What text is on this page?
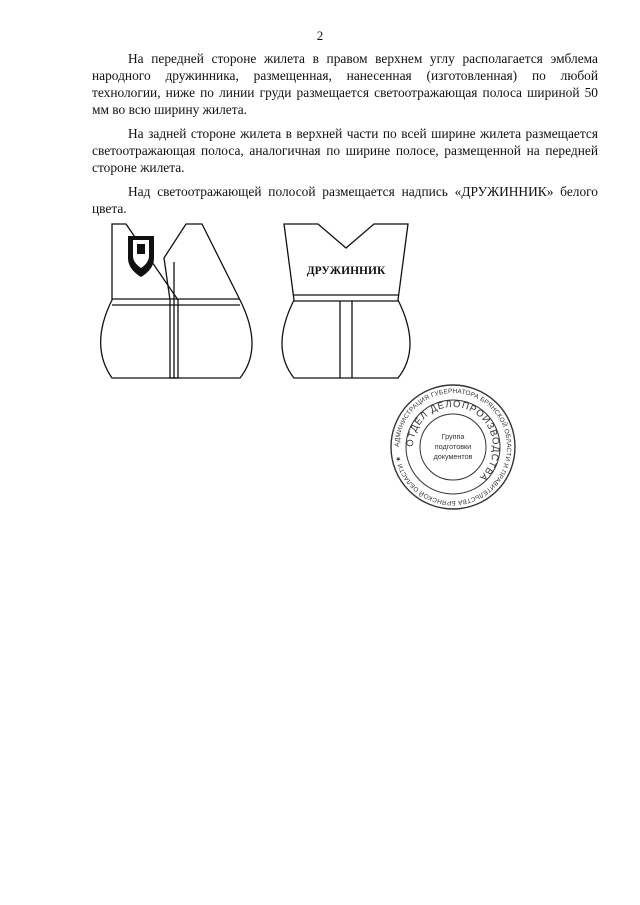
2

На передней стороне жилета в правом верхнем углу располагается эмблема народного дружинника, размещенная, нанесенная (изготовленная) по любой технологии, ниже по линии груди размещается светоотражающая полоса шириной 50 мм во всю ширину жилета.

На задней стороне жилета в верхней части по всей ширине жилета размещается светоотражающая полоса, аналогичная по ширине полосе, размещенной на передней стороне жилета.

Над светоотражающей полосой размещается надпись «ДРУЖИННИК» белого цвета.

ДРУЖИННИК
АДМИНИСТРАЦИЯ ГУБЕРНАТОРА БРЯНСКОЙ ОБЛАСТИ И ПРАВИТЕЛЬСТВА БРЯНСКОЙ ОБЛАСТИ ★
ОТДЕЛ ДЕЛОПРОИЗВОДСТВА
Группа
подготовки
документов
